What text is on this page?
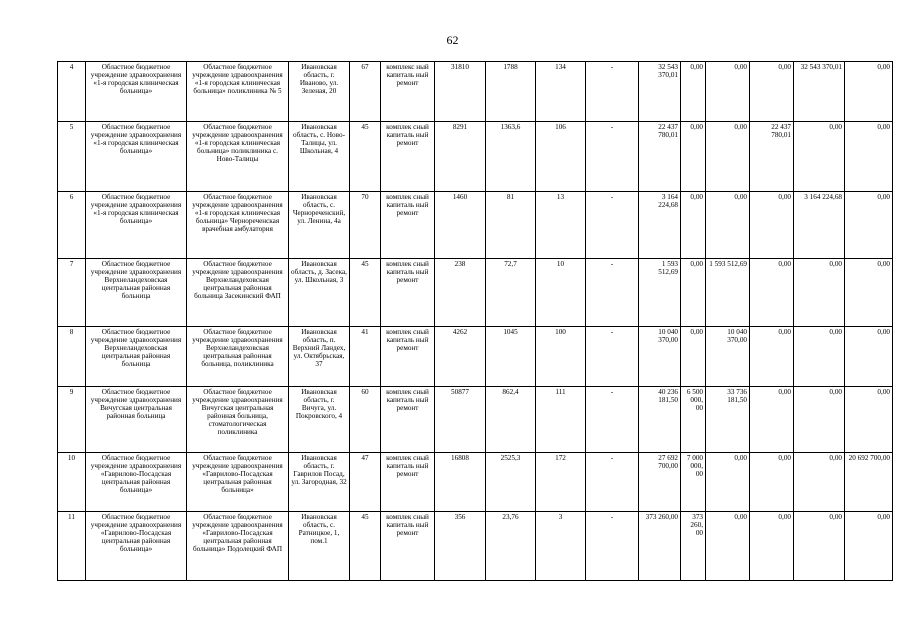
62
4	Областное бюджетное учреждение здравоохранения «1-я городская клиническая больница»	Областное бюджетное учреждение здравоохранения «1-я городская клиническая больница» поликлиника № 5	Ивановская область, г. Иваново, ул. Зеленая, 20	67	комплекс ный капиталь ный ремонт	31810	1788	134	-	32 543 370,01	0,00	0,00	0,00	32 543 370,01	0,00
5	Областное бюджетное учреждение здравоохранения «1-я городская клиническая больница»	Областное бюджетное учреждение здравоохранения «1-я городская клиническая больница» поликлиника с. Ново-Талицы	Ивановская область, с. Ново-Талицы, ул. Школьная, 4	45	комплек сный капиталь ный ремонт	8291	1363,6	106	-	22 437 780,01	0,00	0,00	22 437 780,01	0,00	0,00
6	Областное бюджетное учреждение здравоохранения «1-я городская клиническая больница»	Областное бюджетное учреждение здравоохранения «1-я городская клиническая больница» Чернореченская врачебная амбулатория	Ивановская область, с. Чернореченский, ул. Ленина, 4а	70	комплек сный капиталь ный ремонт	1460	81	13	-	3 164 224,68	0,00	0,00	0,00	3 164 224,68	0,00
7	Областное бюджетное учреждение здравоохранения Верхнеландеховская центральная районная больница	Областное бюджетное учреждение здравоохранения Верхнеландеховская центральная районная больница Засекинский ФАП	Ивановская область, д. Засека, ул. Школьная, 3	45	комплек сный капиталь ный ремонт	238	72,7	10	-	1 593 512,69	0,00	1 593 512,69	0,00	0,00	0,00
8	Областное бюджетное учреждение здравоохранения Верхнеландеховская центральная районная больница	Областное бюджетное учреждение здравоохранения Верхнеландеховская центральная районная больница, поликлиника	Ивановская область, п. Верхний Ландех, ул. Октябрьская, 37	41	комплек сный капиталь ный ремонт	4262	1045	100	-	10 040 370,00	0,00	10 040 370,00	0,00	0,00	0,00
9	Областное бюджетное учреждение здравоохранения Вичугская центральная районная больница	Областное бюджетное учреждение здравоохранения Вичугская центральная районная больница, стоматологическая поликлиника	Ивановская область, г. Вичуга, ул. Покровского, 4	60	комплек сный капиталь ный ремонт	50877	862,4	111	-	40 236 181,50	6 500 000, 00	33 736 181,50	0,00	0,00	0,00
10	Областное бюджетное учреждение здравоохранения «Гаврилово-Посадская центральная районная больница»	Областное бюджетное учреждение здравоохранения «Гаврилово-Посадская центральная районная больница»	Ивановская область, г. Гаврилов Посад, ул. Загородная, 32	47	комплек сный капиталь ный ремонт	16808	2525,3	172	-	27 692 700,00	7 000 000, 00	0,00	0,00	0,00	20 692 700,00
11	Областное бюджетное учреждение здравоохранения «Гаврилово-Посадская центральная районная больница»	Областное бюджетное учреждение здравоохранения «Гаврилово-Посадская центральная районная больница» Подолецкий ФАП	Ивановская область, с. Ратницкое, 1, пом.1	45	комплек сный капиталь ный ремонт	356	23,76	3	-	373 260,00	373 260, 00	0,00	0,00	0,00	0,00
